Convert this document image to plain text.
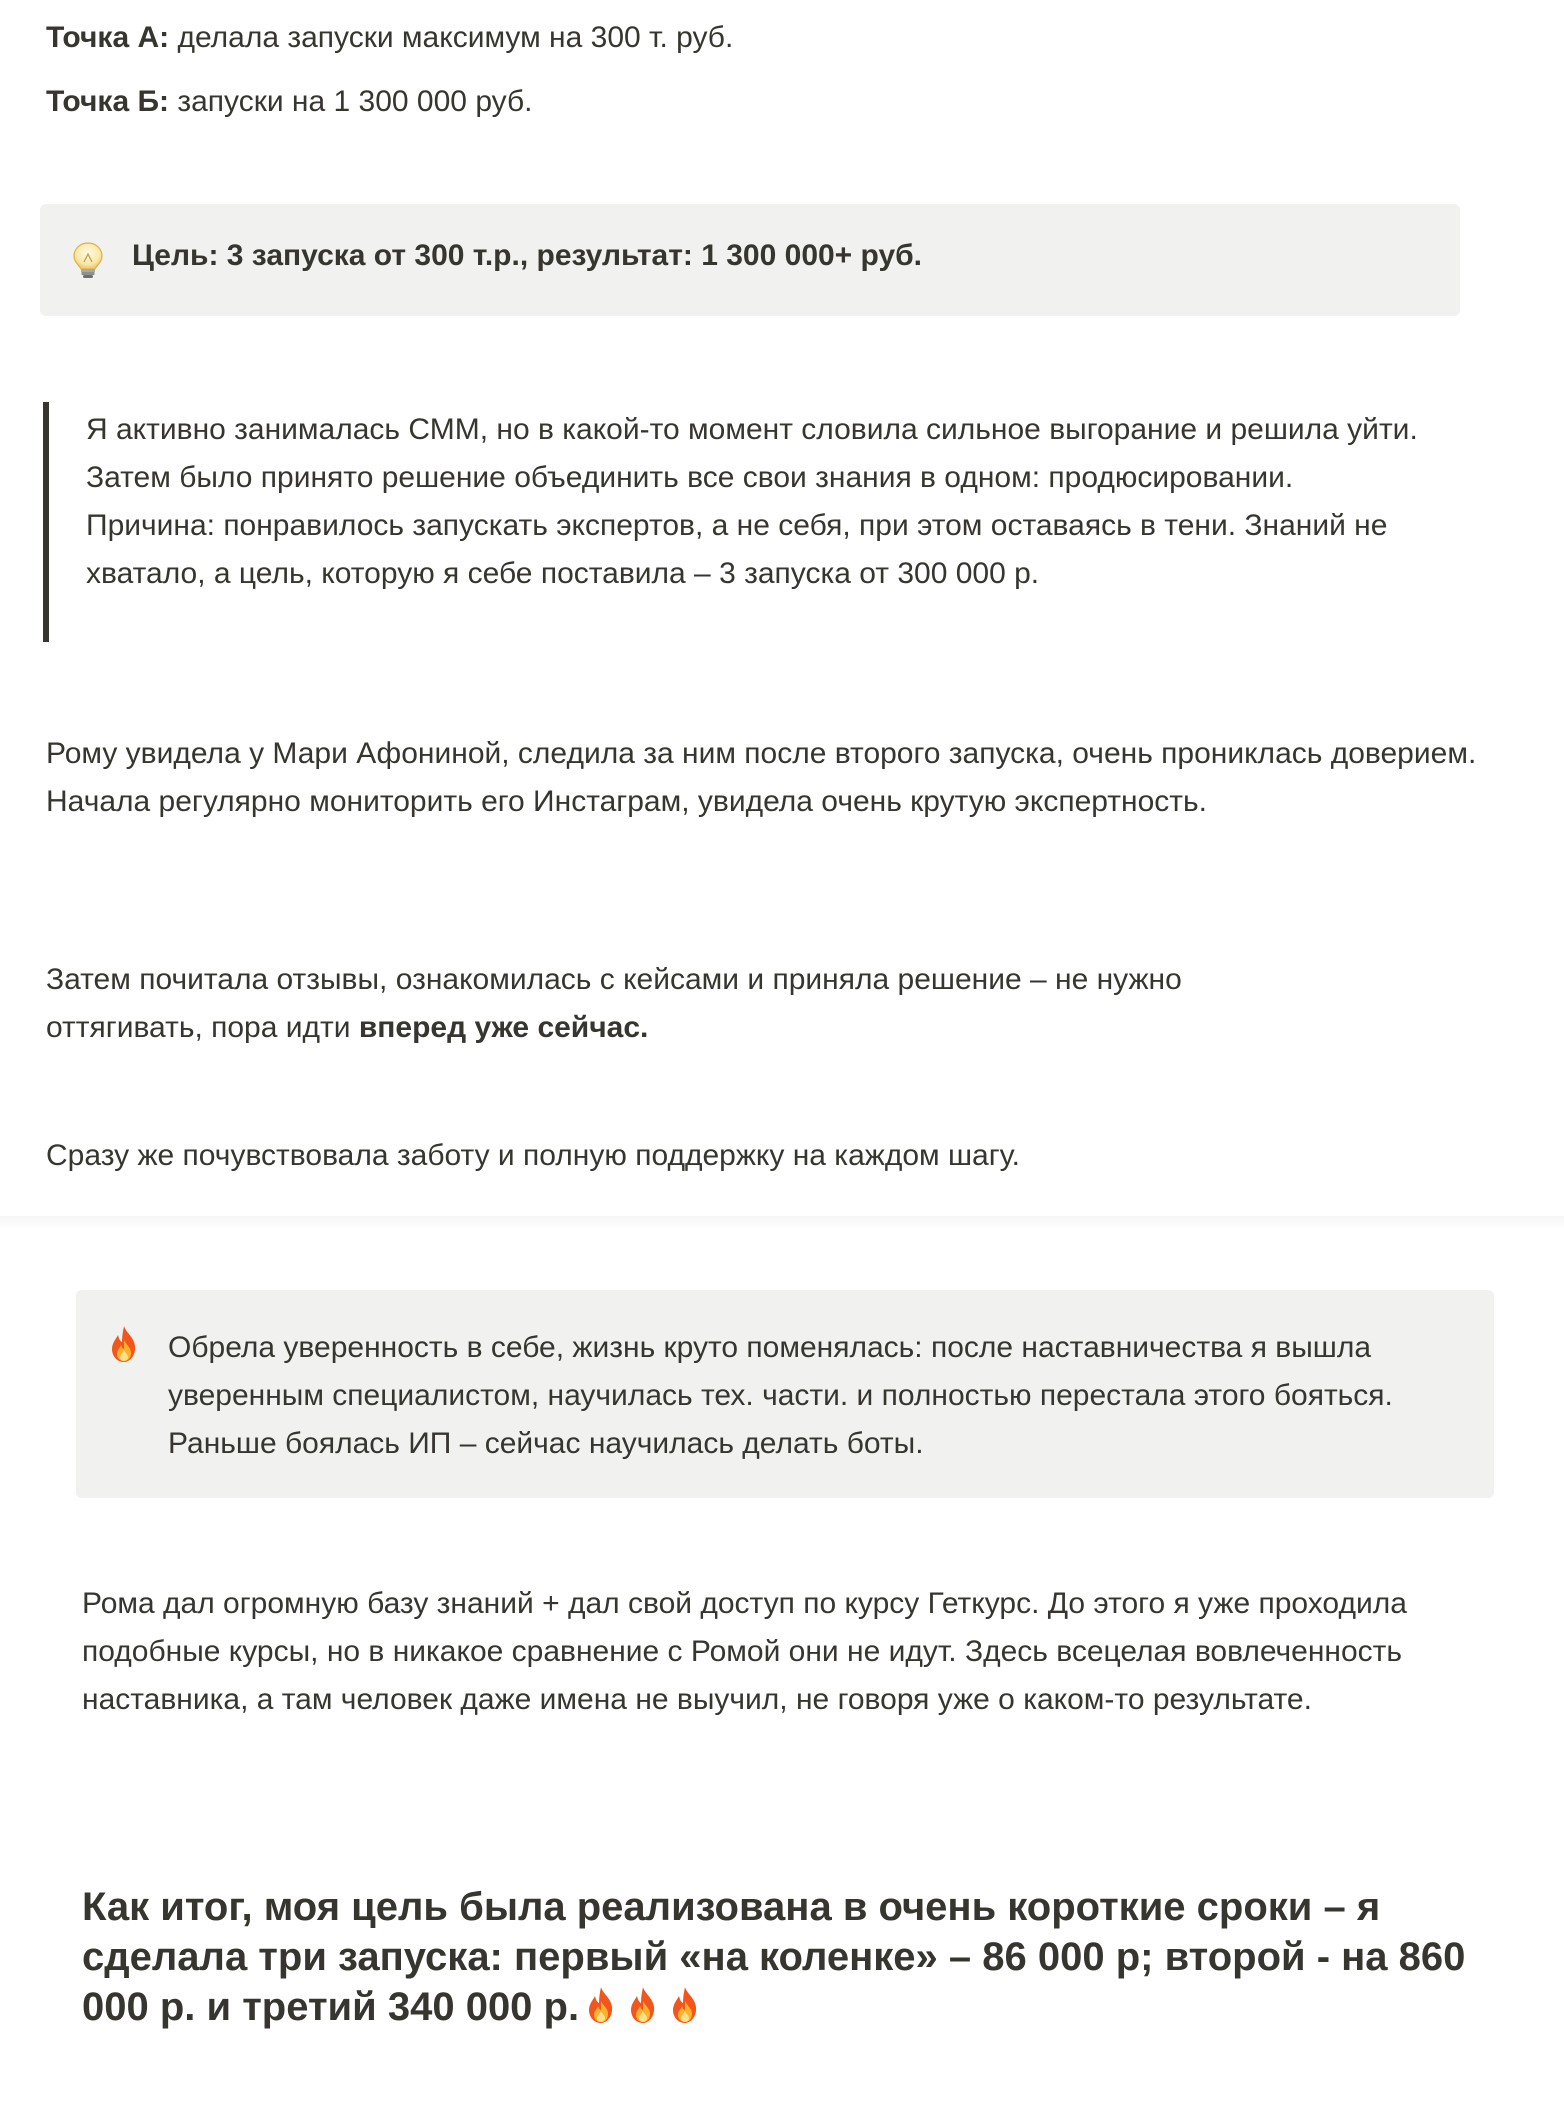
Точка А: делала запуски максимум на 300 т. руб.

Точка Б: запуски на 1 300 000 руб.

Цель: 3 запуска от 300 т.р., результат: 1 300 000+ руб.

Я активно занималась СММ, но в какой-то момент словила сильное выгорание и решила уйти. Затем было принято решение объединить все свои знания в одном: продюсировании. Причина: понравилось запускать экспертов, а не себя, при этом оставаясь в тени. Знаний не хватало, а цель, которую я себе поставила – 3 запуска от 300 000 р.

Рому увидела у Мари Афониной, следила за ним после второго запуска, очень прониклась доверием. Начала регулярно мониторить его Инстаграм, увидела очень крутую экспертность.

Затем почитала отзывы, ознакомилась с кейсами и приняла решение – не нужно оттягивать, пора идти вперед уже сейчас.

Сразу же почувствовала заботу и полную поддержку на каждом шагу.

Обрела уверенность в себе, жизнь круто поменялась: после наставничества я вышла уверенным специалистом, научилась тех. части. и полностью перестала этого бояться. Раньше боялась ИП – сейчас научилась делать боты.

Рома дал огромную базу знаний + дал свой доступ по курсу Геткурс. До этого я уже проходила подобные курсы, но в никакое сравнение с Ромой они не идут. Здесь всецелая вовлеченность наставника, а там человек даже имена не выучил, не говоря уже о каком-то результате.

Как итог, моя цель была реализована в очень короткие сроки – я сделала три запуска: первый «на коленке» – 86 000 р; второй - на 860 000 р. и третий 340 000 р.
